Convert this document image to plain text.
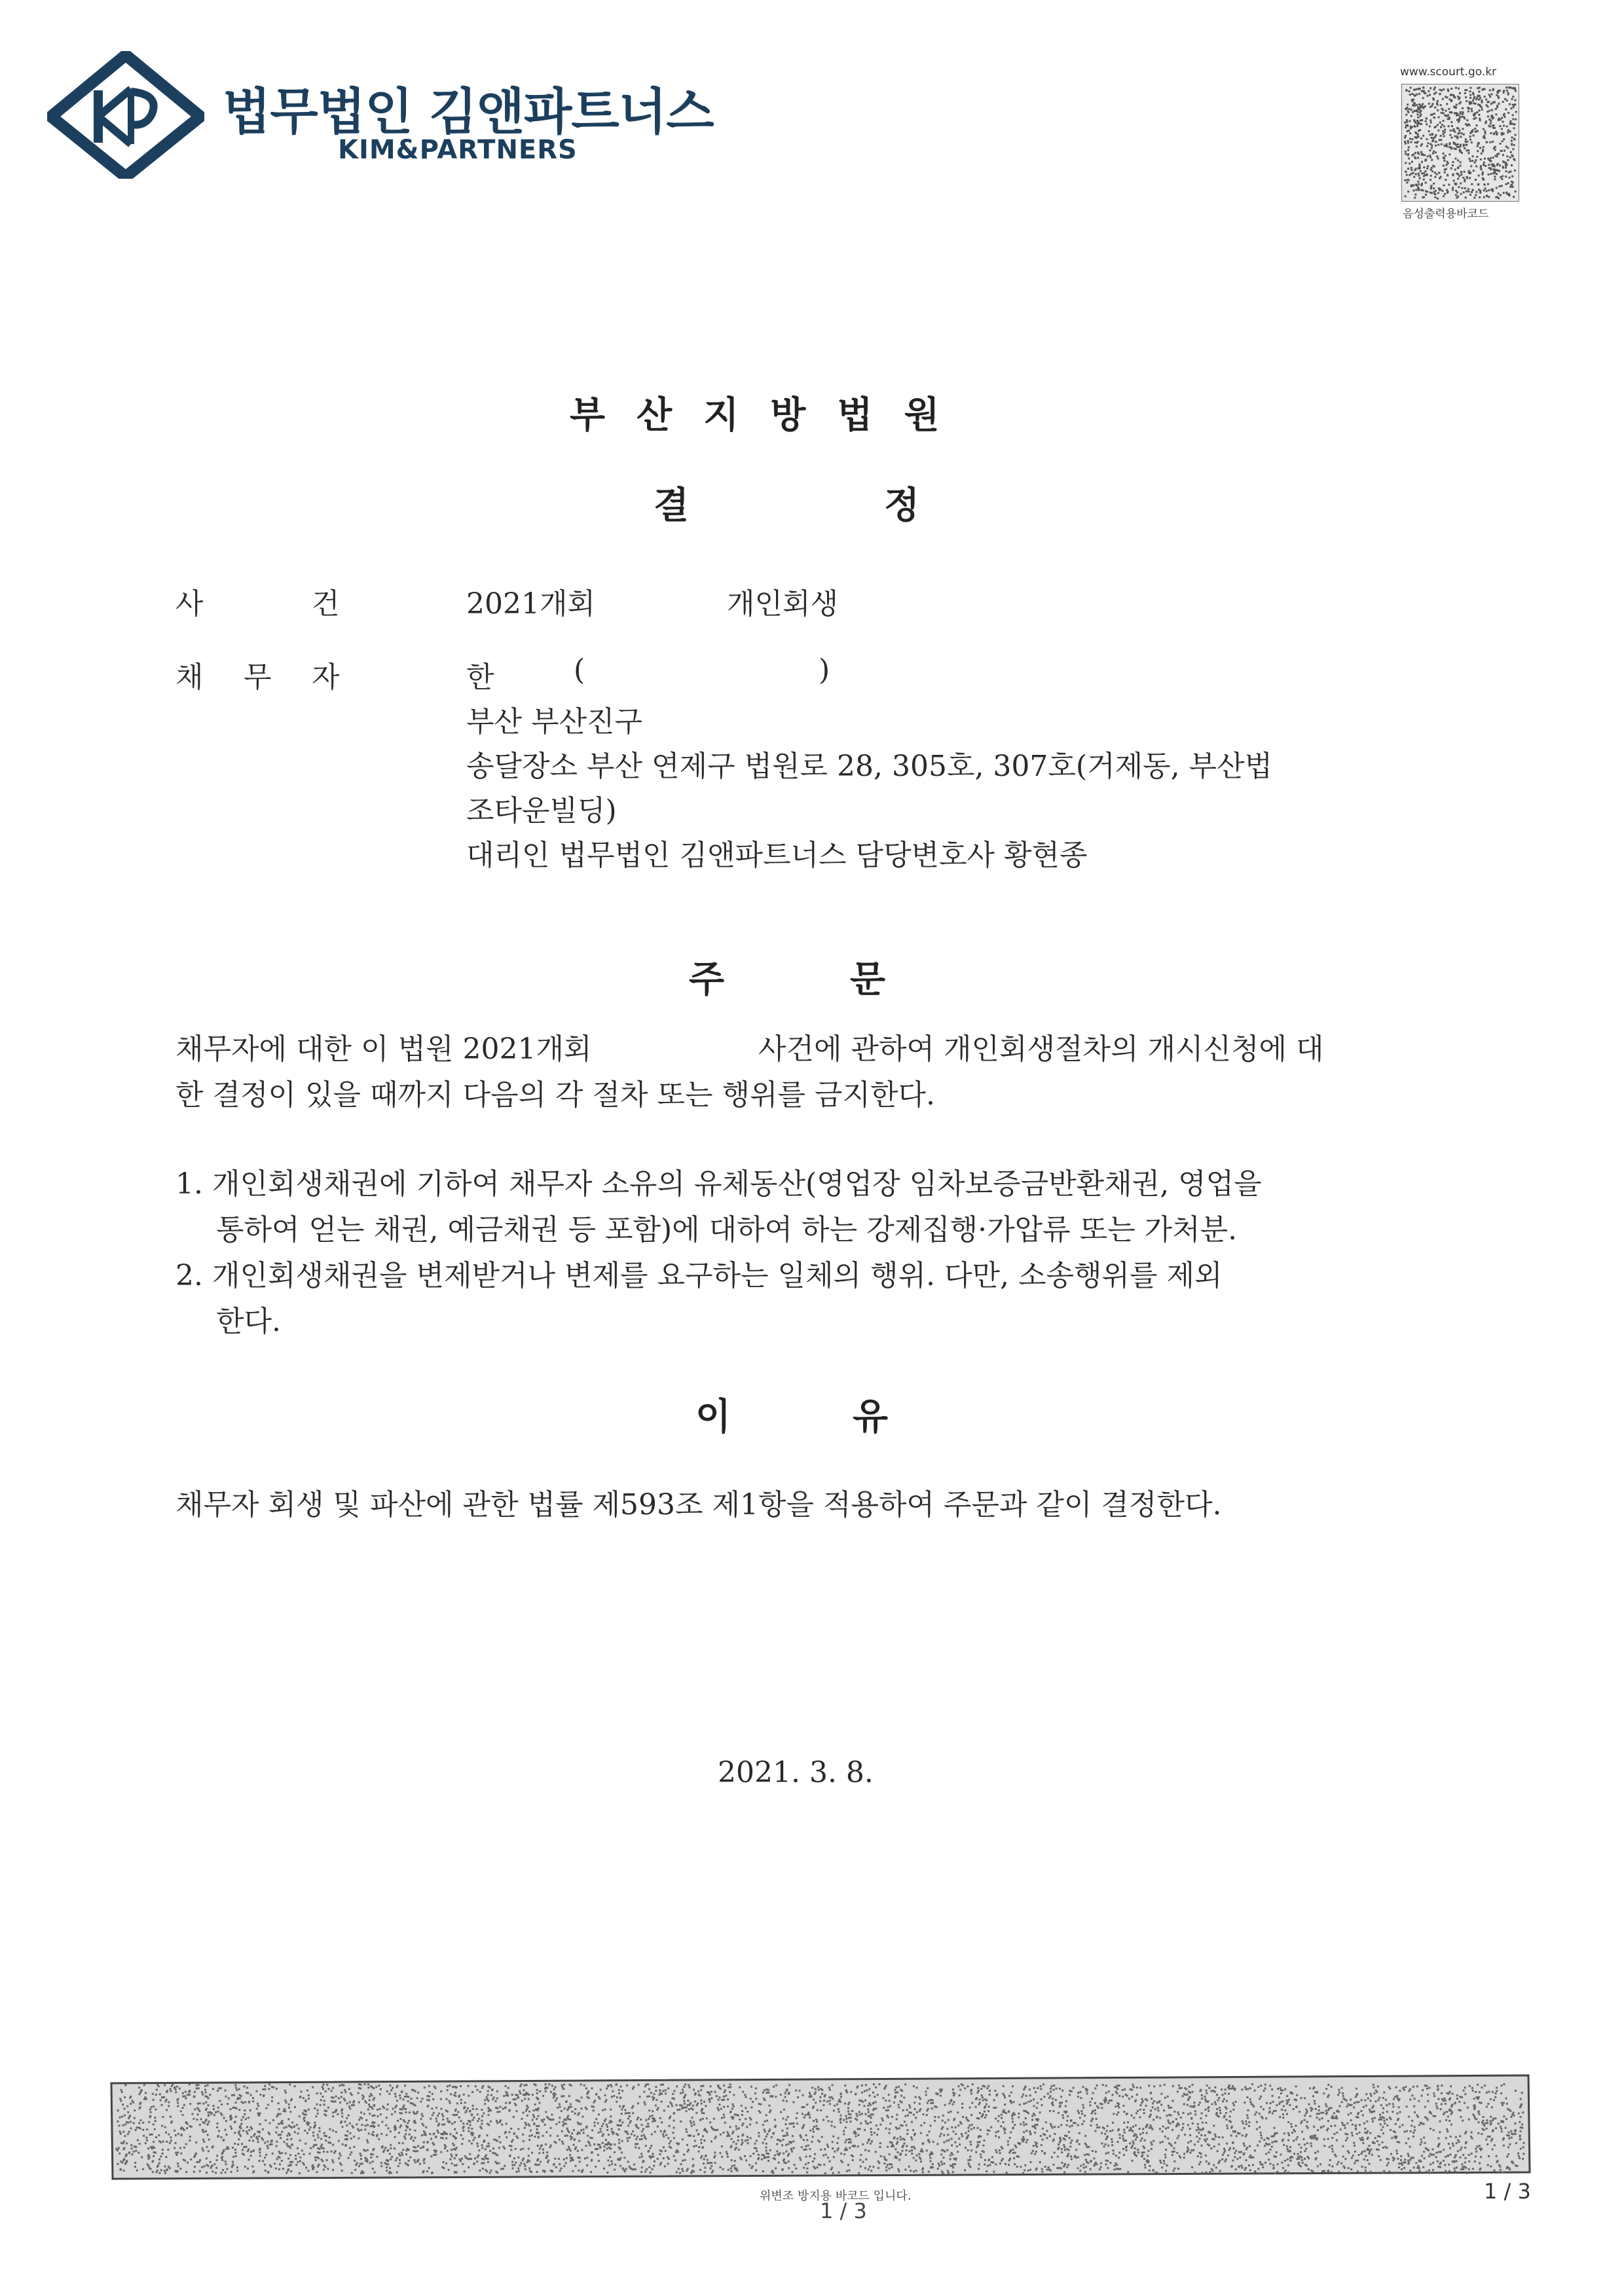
법무법인 김앤파트너스
KIM&PARTNERS
www.scourt.go.kr
음성출력용바코드
부산지방법원
결	정
사	건	2021개회	개인회생
채 무 자	한	(	)
부산 부산진구
송달장소 부산 연제구 법원로 28, 305호, 307호(거제동, 부산법
조타운빌딩)
대리인 법무법인 김앤파트너스 담당변호사 황현종
주	문
채무자에 대한 이 법원 2021개회	사건에 관하여 개인회생절차의 개시신청에 대
한 결정이 있을 때까지 다음의 각 절차 또는 행위를 금지한다.
1. 개인회생채권에 기하여 채무자 소유의 유체동산(영업장 임차보증금반환채권, 영업을
통하여 얻는 채권, 예금채권 등 포함)에 대하여 하는 강제집행·가압류 또는 가처분.
2. 개인회생채권을 변제받거나 변제를 요구하는 일체의 행위. 다만, 소송행위를 제외
한다.
이	유
채무자 회생 및 파산에 관한 법률 제593조 제1항을 적용하여 주문과 같이 결정한다.
2021. 3. 8.
위변조 방지용 바코드 입니다.
1 / 3
1 / 3
